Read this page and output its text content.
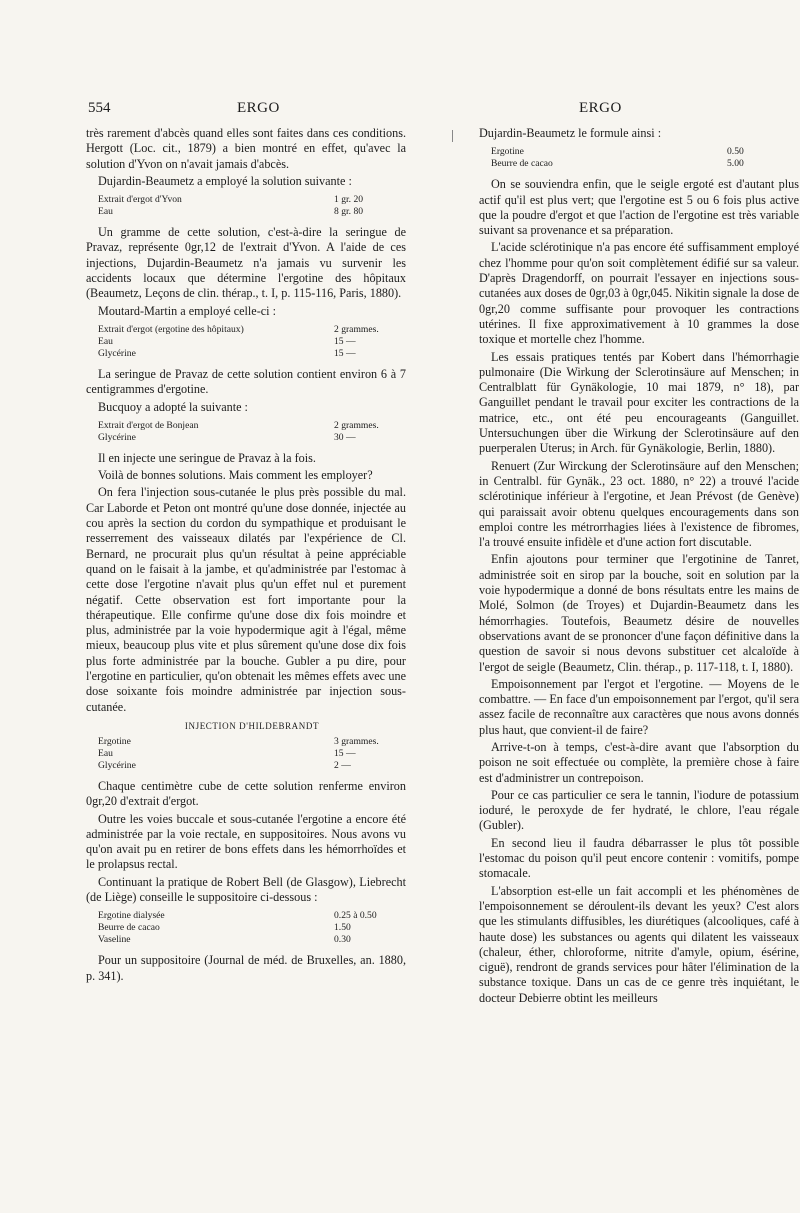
554	ERGO	ERGO

très rarement d'abcès quand elles sont faites dans ces conditions. Hergott (Loc. cit., 1879) a bien montré en effet, qu'avec la solution d'Yvon on n'avait jamais d'abcès.

Dujardin-Beaumetz a employé la solution suivante :

Extrait d'ergot d'Yvon	1 gr. 20
Eau	8 gr. 80

Un gramme de cette solution, c'est-à-dire la seringue de Pravaz, représente 0gr,12 de l'extrait d'Yvon. A l'aide de ces injections, Dujardin-Beaumetz n'a jamais vu survenir les accidents locaux que détermine l'ergotine des hôpitaux (Beaumetz, Leçons de clin. thérap., t. I, p. 115-116, Paris, 1880).

Moutard-Martin a employé celle-ci :

Extrait d'ergot (ergotine des hôpitaux)	2 grammes.
Eau	15 —
Glycérine	15 —

La seringue de Pravaz de cette solution contient environ 6 à 7 centigrammes d'ergotine.

Bucquoy a adopté la suivante :

Extrait d'ergot de Bonjean	2 grammes.
Glycérine	30 —

Il en injecte une seringue de Pravaz à la fois.

Voilà de bonnes solutions. Mais comment les employer?

On fera l'injection sous-cutanée le plus près possible du mal. Car Laborde et Peton ont montré qu'une dose donnée, injectée au cou après la section du cordon du sympathique et produisant le resserrement des vaisseaux dilatés par l'expérience de Cl. Bernard, ne procurait plus qu'un résultat à peine appréciable quand on le faisait à la jambe, et qu'administrée par l'estomac à cette dose l'ergotine n'avait plus qu'un effet nul et purement négatif. Cette observation est fort importante pour la thérapeutique. Elle confirme qu'une dose dix fois moindre et plus, administrée par la voie hypodermique agit à l'égal, même mieux, beaucoup plus vite et plus sûrement qu'une dose dix fois plus forte administrée par la bouche. Gubler a pu dire, pour l'ergotine en particulier, qu'on obtenait les mêmes effets avec une dose soixante fois moindre administrée par injection sous-cutanée.

INJECTION D'HILDEBRANDT
Ergotine	3 grammes.
Eau	15 —
Glycérine	2 —

Chaque centimètre cube de cette solution renferme environ 0gr,20 d'extrait d'ergot.

Outre les voies buccale et sous-cutanée l'ergotine a encore été administrée par la voie rectale, en suppositoires. Nous avons vu qu'on avait pu en retirer de bons effets dans les hémorrhoïdes et le prolapsus rectal.

Continuant la pratique de Robert Bell (de Glasgow), Liebrecht (de Liège) conseille le suppositoire ci-dessous :

Ergotine dialysée	0.25 à 0.50
Beurre de cacao	1.50
Vaseline	0.30

Pour un suppositoire (Journal de méd. de Bruxelles, an. 1880, p. 341).

Dujardin-Beaumetz le formule ainsi :

Ergotine	0.50
Beurre de cacao	5.00

On se souviendra enfin, que le seigle ergoté est d'autant plus actif qu'il est plus vert; que l'ergotine est 5 ou 6 fois plus active que la poudre d'ergot et que l'action de l'ergotine est très variable suivant sa provenance et sa préparation.

L'acide sclérotinique n'a pas encore été suffisamment employé chez l'homme pour qu'on soit complètement édifié sur sa valeur. D'après Dragendorff, on pourrait l'essayer en injections sous-cutanées aux doses de 0gr,03 à 0gr,045. Nikitin signale la dose de 0gr,20 comme suffisante pour provoquer les contractions utérines. Il fixe approximativement à 10 grammes la dose toxique et mortelle chez l'homme.

Les essais pratiques tentés par Kobert dans l'hémorrhagie pulmonaire (Die Wirkung der Sclerotinsäure auf Menschen; in Centralblatt für Gynäkologie, 10 mai 1879, n° 18), par Ganguillet pendant le travail pour exciter les contractions de la matrice, etc., ont été peu encourageants (Ganguillet. Untersuchungen über die Wirkung der Sclerotinsäure auf den puerperalen Uterus; in Arch. für Gynäkologie, Berlin, 1880).

Renuert (Zur Wirckung der Sclerotinsäure auf den Menschen; in Centralbl. für Gynäk., 23 oct. 1880, n° 22) a trouvé l'acide sclérotinique inférieur à l'ergotine, et Jean Prévost (de Genève) qui paraissait avoir obtenu quelques encouragements dans son emploi contre les métrorrhagies liées à l'existence de fibromes, l'a trouvé ensuite infidèle et d'une action fort discutable.

Enfin ajoutons pour terminer que l'ergotinine de Tanret, administrée soit en sirop par la bouche, soit en solution par la voie hypodermique a donné de bons résultats entre les mains de Molé, Solmon (de Troyes) et Dujardin-Beaumetz dans les hémorrhagies. Toutefois, Beaumetz désire de nouvelles observations avant de se prononcer d'une façon définitive dans la question de savoir si nous devons substituer cet alcaloïde à l'ergot de seigle (Beaumetz, Clin. thérap., p. 117-118, t. I, 1880).

Empoisonnement par l'ergot et l'ergotine. — Moyens de le combattre. — En face d'un empoisonnement par l'ergot, qu'il sera assez facile de reconnaître aux caractères que nous avons donnés plus haut, que convient-il de faire?

Arrive-t-on à temps, c'est-à-dire avant que l'absorption du poison ne soit effectuée ou complète, la première chose à faire est d'administrer un contrepoison.

Pour ce cas particulier ce sera le tannin, l'iodure de potassium ioduré, le peroxyde de fer hydraté, le chlore, l'eau régale (Gubler).

En second lieu il faudra débarrasser le plus tôt possible l'estomac du poison qu'il peut encore contenir : vomitifs, pompe stomacale.

L'absorption est-elle un fait accompli et les phénomènes de l'empoisonnement se déroulent-ils devant les yeux? C'est alors que les stimulants diffusibles, les diurétiques (alcooliques, café à haute dose) les substances ou agents qui dilatent les vaisseaux (chaleur, éther, chloroforme, nitrite d'amyle, opium, ésérine, ciguë), rendront de grands services pour hâter l'élimination de la substance toxique. Dans un cas de ce genre très inquiétant, le docteur Debierre obtint les meilleurs
